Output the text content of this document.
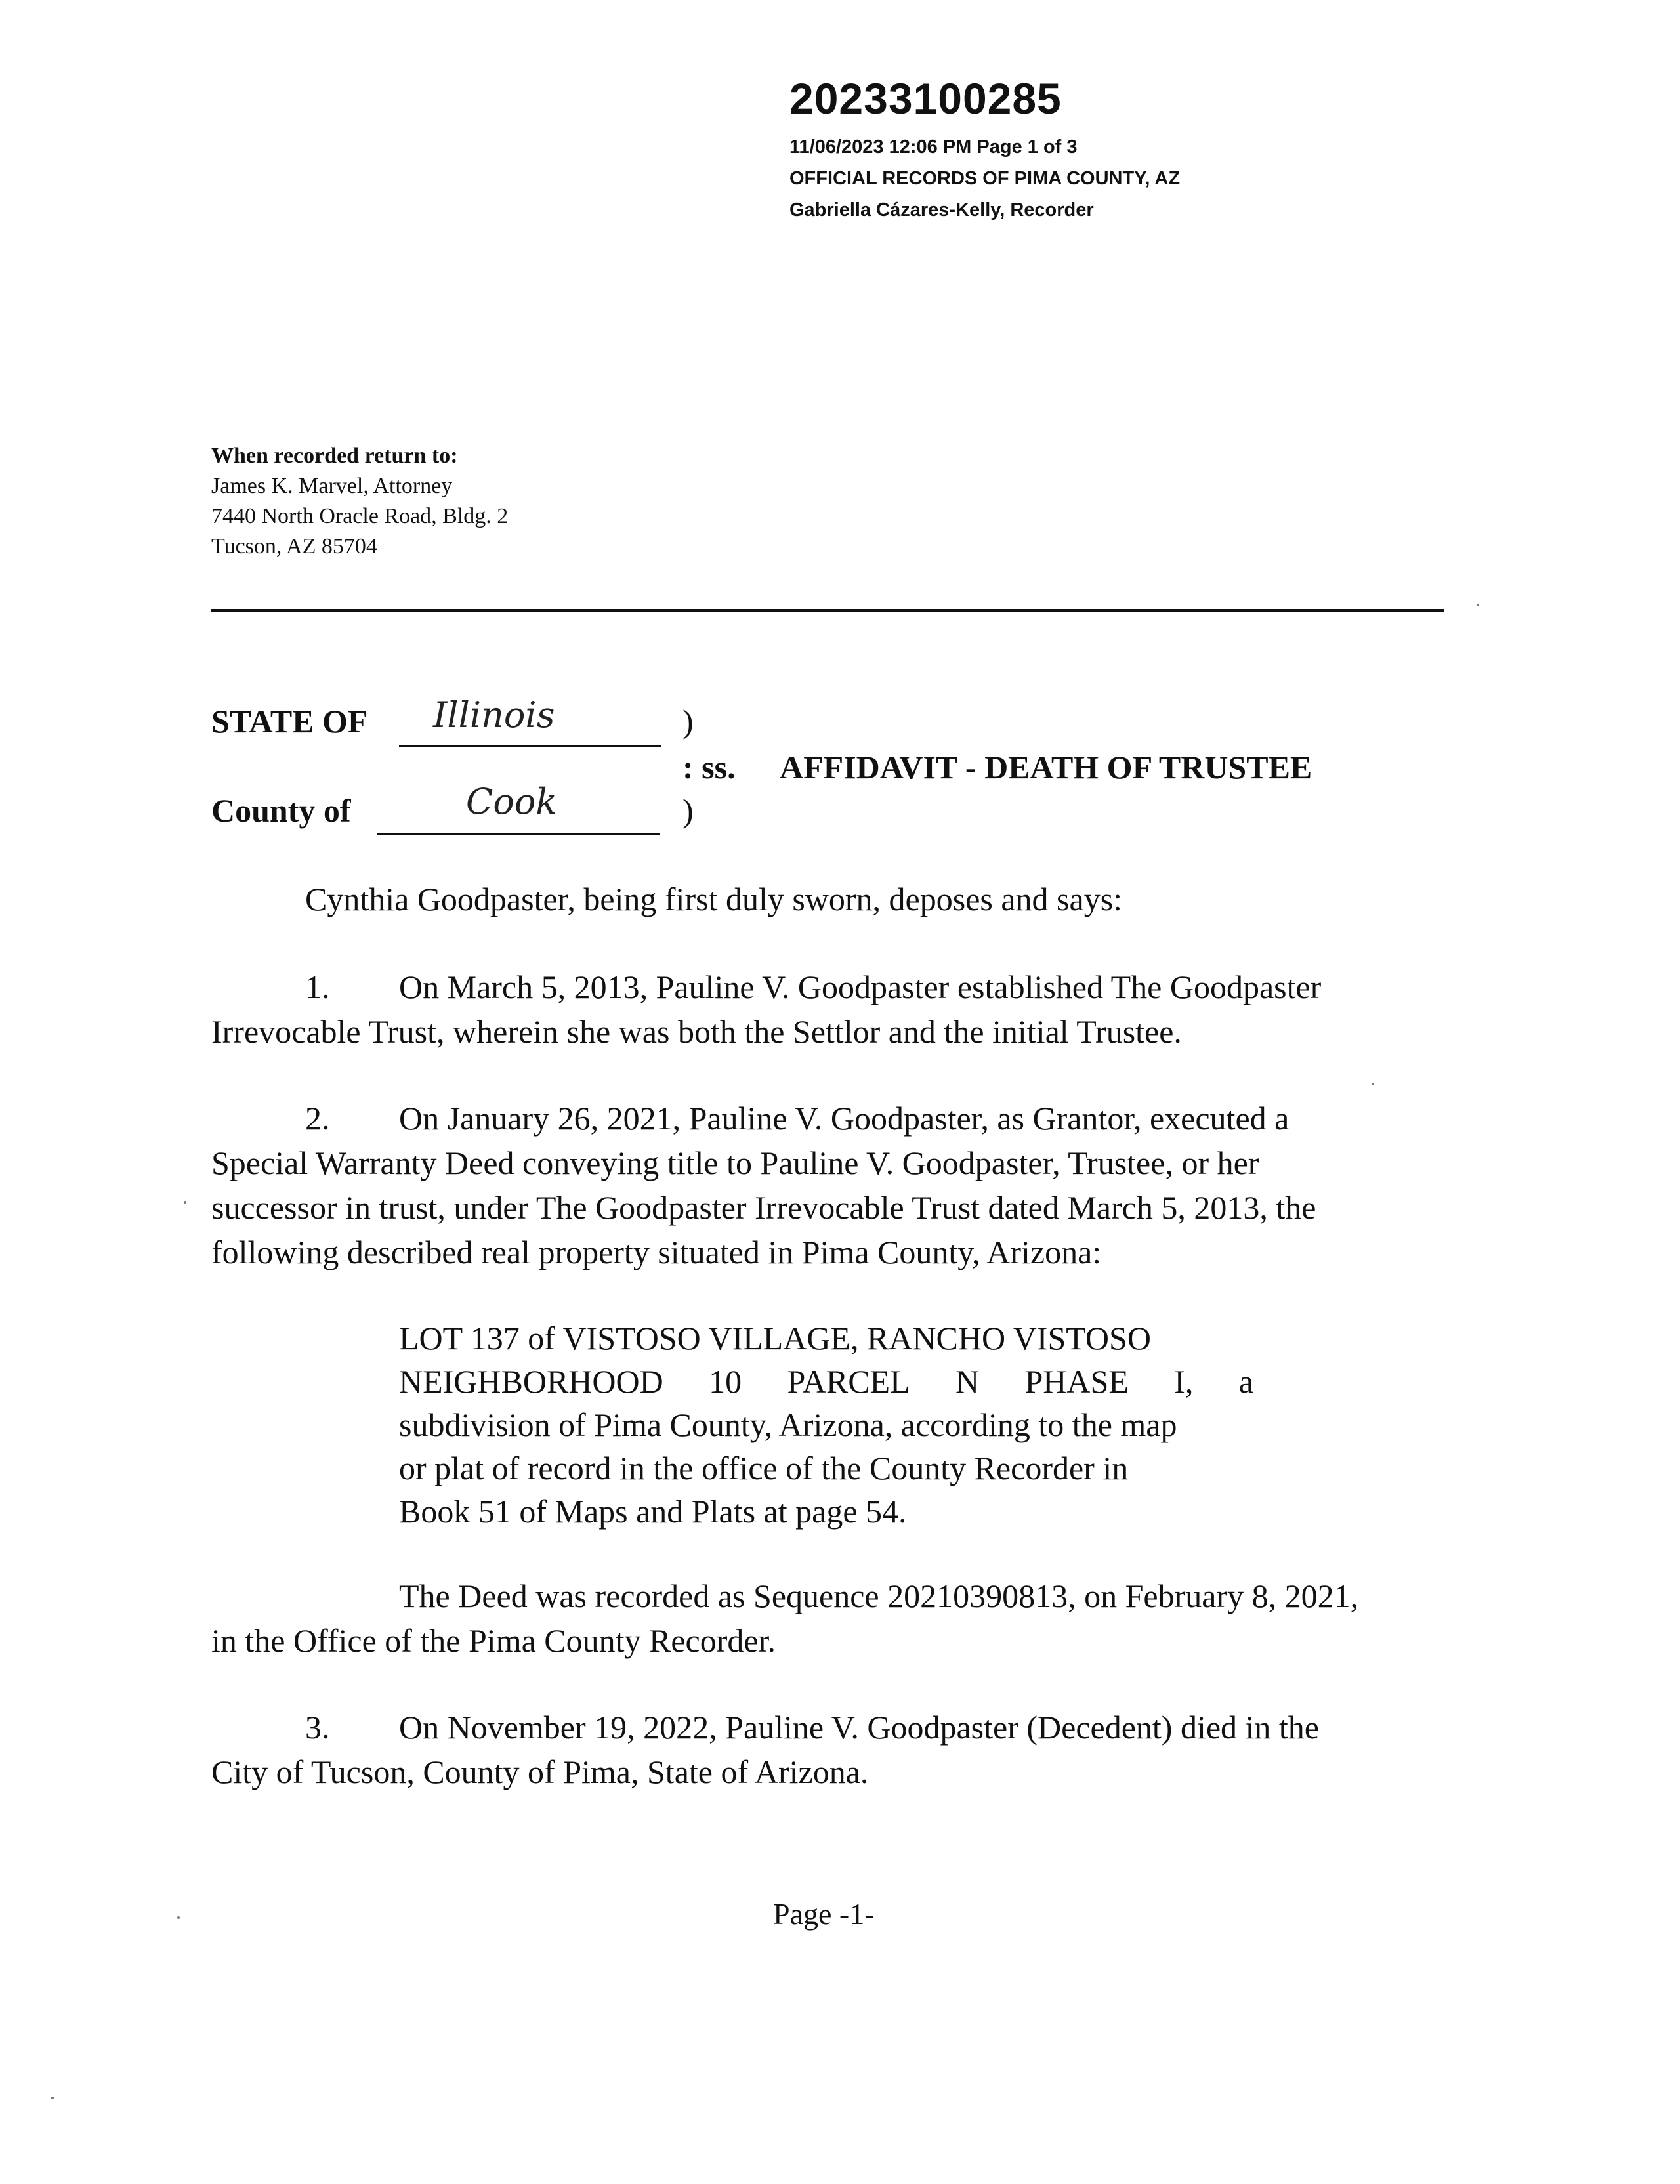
20233100285
11/06/2023 12:06 PM Page 1 of 3
OFFICIAL RECORDS OF PIMA COUNTY, AZ
Gabriella Cázares-Kelly, Recorder
When recorded return to:
James K. Marvel, Attorney
7440 North Oracle Road, Bldg. 2
Tucson, AZ 85704
STATE OF Illinois	)
: ss. AFFIDAVIT - DEATH OF TRUSTEE
County of	Cook	)
Cynthia Goodpaster, being first duly sworn, deposes and says:
1. On March 5, 2013, Pauline V. Goodpaster established The Goodpaster
Irrevocable Trust, wherein she was both the Settlor and the initial Trustee.
2. On January 26, 2021, Pauline V. Goodpaster, as Grantor, executed a
Special Warranty Deed conveying title to Pauline V. Goodpaster, Trustee, or her
successor in trust, under The Goodpaster Irrevocable Trust dated March 5, 2013, the
following described real property situated in Pima County, Arizona:
LOT 137 of VISTOSO VILLAGE, RANCHO VISTOSO
NEIGHBORHOOD 10 PARCEL N PHASE I, a
subdivision of Pima County, Arizona, according to the map
or plat of record in the office of the County Recorder in
Book 51 of Maps and Plats at page 54.
The Deed was recorded as Sequence 20210390813, on February 8, 2021,
in the Office of the Pima County Recorder.
3. On November 19, 2022, Pauline V. Goodpaster (Decedent) died in the
City of Tucson, County of Pima, State of Arizona.
Page -1-
